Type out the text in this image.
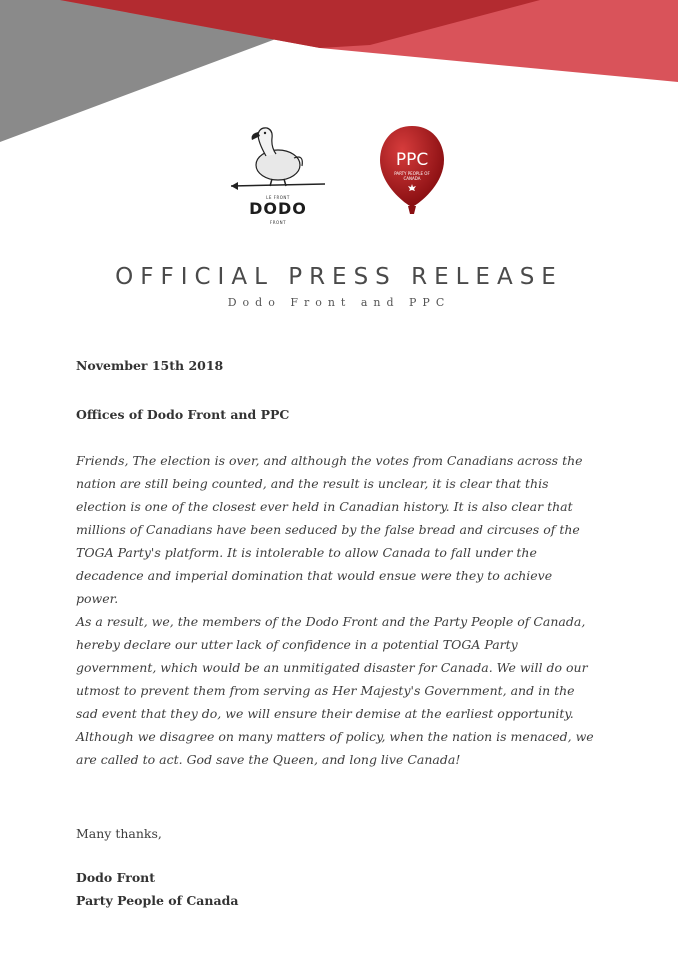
LE FRONT
DODO
FRONT
PPC
PARTY PEOPLE OF CANADA
OFFICIAL PRESS RELEASE
Dodo Front and PPC
November 15th 2018
Offices of Dodo Front and PPC
Friends, The election is over, and although the votes from Canadians across the nation are still being counted, and the result is unclear, it is clear that this election is one of the closest ever held in Canadian history. It is also clear that millions of Canadians have been seduced by the false bread and circuses of the TOGA Party's platform. It is intolerable to allow Canada to fall under the decadence and imperial domination that would ensue were they to achieve power.
As a result, we, the members of the Dodo Front and the Party People of Canada, hereby declare our utter lack of confidence in a potential TOGA Party government, which would be an unmitigated disaster for Canada. We will do our utmost to prevent them from serving as Her Majesty's Government, and in the sad event that they do, we will ensure their demise at the earliest opportunity. Although we disagree on many matters of policy, when the nation is menaced, we are called to act. God save the Queen, and long live Canada!
Many thanks,
Dodo Front
Party People of Canada
